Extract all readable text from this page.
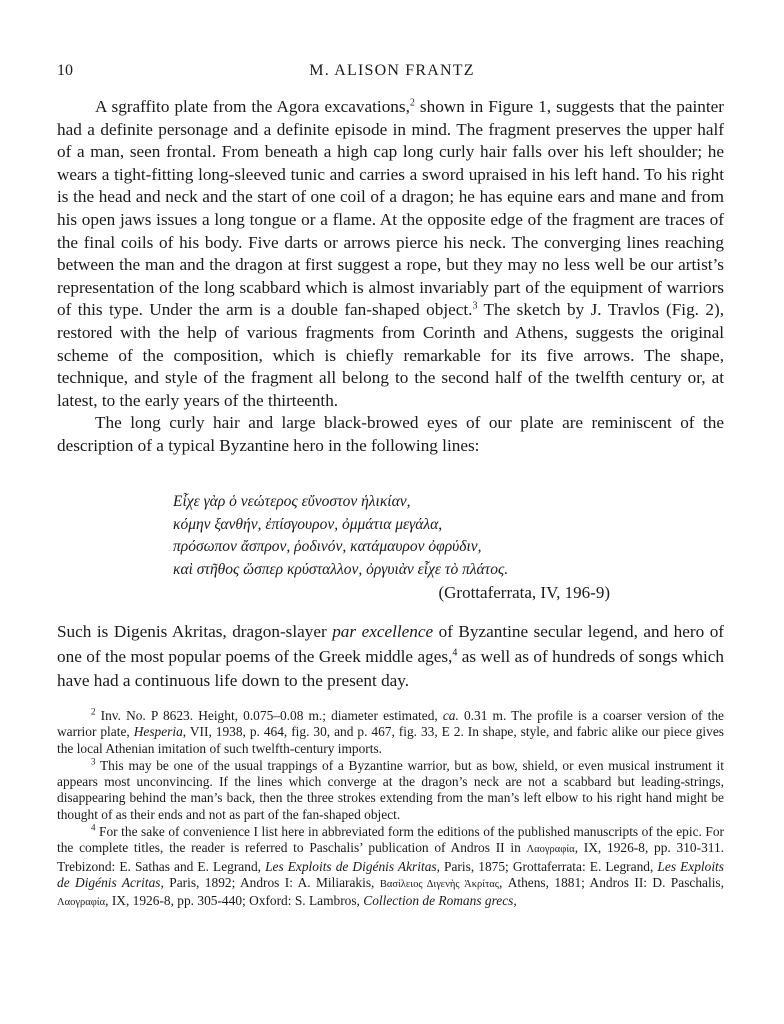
10	M. ALISON FRANTZ

A sgraffito plate from the Agora excavations,$^2$ shown in Figure 1, suggests that the painter had a definite personage and a definite episode in mind. The fragment preserves the upper half of a man, seen frontal. From beneath a high cap long curly hair falls over his left shoulder; he wears a tight-fitting long-sleeved tunic and carries a sword upraised in his left hand. To his right is the head and neck and the start of one coil of a dragon; he has equine ears and mane and from his open jaws issues a long tongue or a flame. At the opposite edge of the fragment are traces of the final coils of his body. Five darts or arrows pierce his neck. The converging lines reaching between the man and the dragon at first suggest a rope, but they may no less well be our artist’s representation of the long scabbard which is almost invariably part of the equipment of warriors of this type. Under the arm is a double fan-shaped object.$^3$ The sketch by J. Travlos (Fig. 2), restored with the help of various fragments from Corinth and Athens, suggests the original scheme of the composition, which is chiefly remarkable for its five arrows. The shape, technique, and style of the fragment all belong to the second half of the twelfth century or, at latest, to the early years of the thirteenth.

The long curly hair and large black-browed eyes of our plate are reminiscent of the description of a typical Byzantine hero in the following lines:

Εἶχε γὰρ ὁ νεώτερος εὔνοστον ἡλικίαν,
κόμην ξανθήν, ἐπίσγουρον, ὀμμάτια μεγάλα,
πρόσωπον ἄσπρον, ῥοδινόν, κατάμαυρον ὀφρύδιν,
καὶ στῆθος ὥσπερ κρύσταλλον, ὀργυιὰν εἶχε τὸ πλάτος.
(Grottaferrata, IV, 196-9)

Such is Digenis Akritas, dragon-slayer par excellence of Byzantine secular legend, and hero of one of the most popular poems of the Greek middle ages,$^4$ as well as of hundreds of songs which have had a continuous life down to the present day.

$^2$ Inv. No. P 8623. Height, 0.075–0.08 m.; diameter estimated, ca. 0.31 m. The profile is a coarser version of the warrior plate, Hesperia, VII, 1938, p. 464, fig. 30, and p. 467, fig. 33, E 2. In shape, style, and fabric alike our piece gives the local Athenian imitation of such twelfth-century imports.

$^3$ This may be one of the usual trappings of a Byzantine warrior, but as bow, shield, or even musical instrument it appears most unconvincing. If the lines which converge at the dragon’s neck are not a scabbard but leading-strings, disappearing behind the man’s back, then the three strokes extending from the man’s left elbow to his right hand might be thought of as their ends and not as part of the fan-shaped object.

$^4$ For the sake of convenience I list here in abbreviated form the editions of the published manuscripts of the epic. For the complete titles, the reader is referred to Paschalis’ publication of Andros II in Λαογραφία, IX, 1926-8, pp. 310-311. Trebizond: E. Sathas and E. Legrand, Les Exploits de Digénis Akritas, Paris, 1875; Grottaferrata: E. Legrand, Les Exploits de Digénis Acritas, Paris, 1892; Andros I: A. Miliarakis, Βασίλειος Διγενὴς Ἀκρίτας, Athens, 1881; Andros II: D. Paschalis, Λαογραφία, IX, 1926-8, pp. 305-440; Oxford: S. Lambros, Collection de Romans grecs,
